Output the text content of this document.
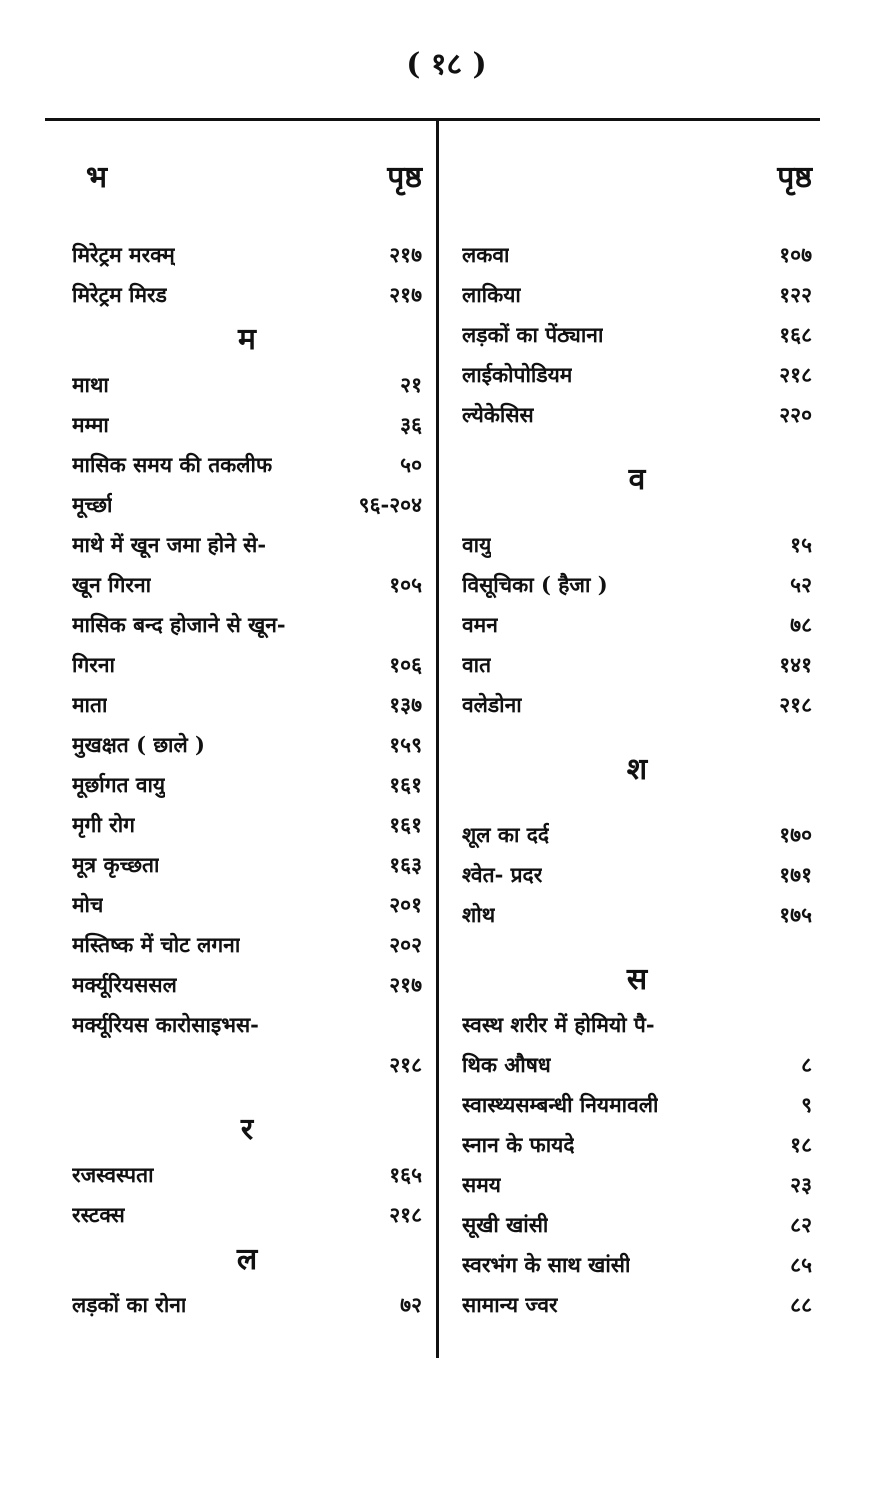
( १८ )
भ	पृष्ठ
मिरेट्रम मरक्म्	२१७
मिरेट्रम मिरड	२१७
म
माथा	२१
मम्मा	३६
मासिक समय की तकलीफ	५०
मूर्च्छा	९६-२०४
माथे में खून जमा होने से-
खून गिरना	१०५
मासिक बन्द होजाने से खून-
गिरना	१०६
माता	१३७
मुखक्षत ( छाले )	१५९
मूर्छागत वायु	१६१
मृगी रोग	१६१
मूत्र कृच्छता	१६३
मोच	२०१
मस्तिष्क में चोट लगना	२०२
मर्क्यूरियससल	२१७
मर्क्यूरियस कारोसाइभस-
२१८
र
रजस्वस्पता	१६५
रस्टक्स	२१८
ल
लड़कों का रोना	७२
पृष्ठ
लकवा	१०७
लाकिया	१२२
लड़कों का पेंठ्याना	१६८
लाईकोपोडियम	२१८
ल्येकेसिस	२२०
व
वायु	१५
विसूचिका ( हैजा )	५२
वमन	७८
वात	१४१
वलेडोना	२१८
श
शूल का दर्द	१७०
श्वेत- प्रदर	१७१
शोथ	१७५
स
स्वस्थ शरीर में होमियो पै-
थिक औषध	८
स्वास्थ्यसम्बन्धी नियमावली	९
स्नान के फायदे	१८
समय	२३
सूखी खांसी	८२
स्वरभंग के साथ खांसी	८५
सामान्य ज्वर	८८
